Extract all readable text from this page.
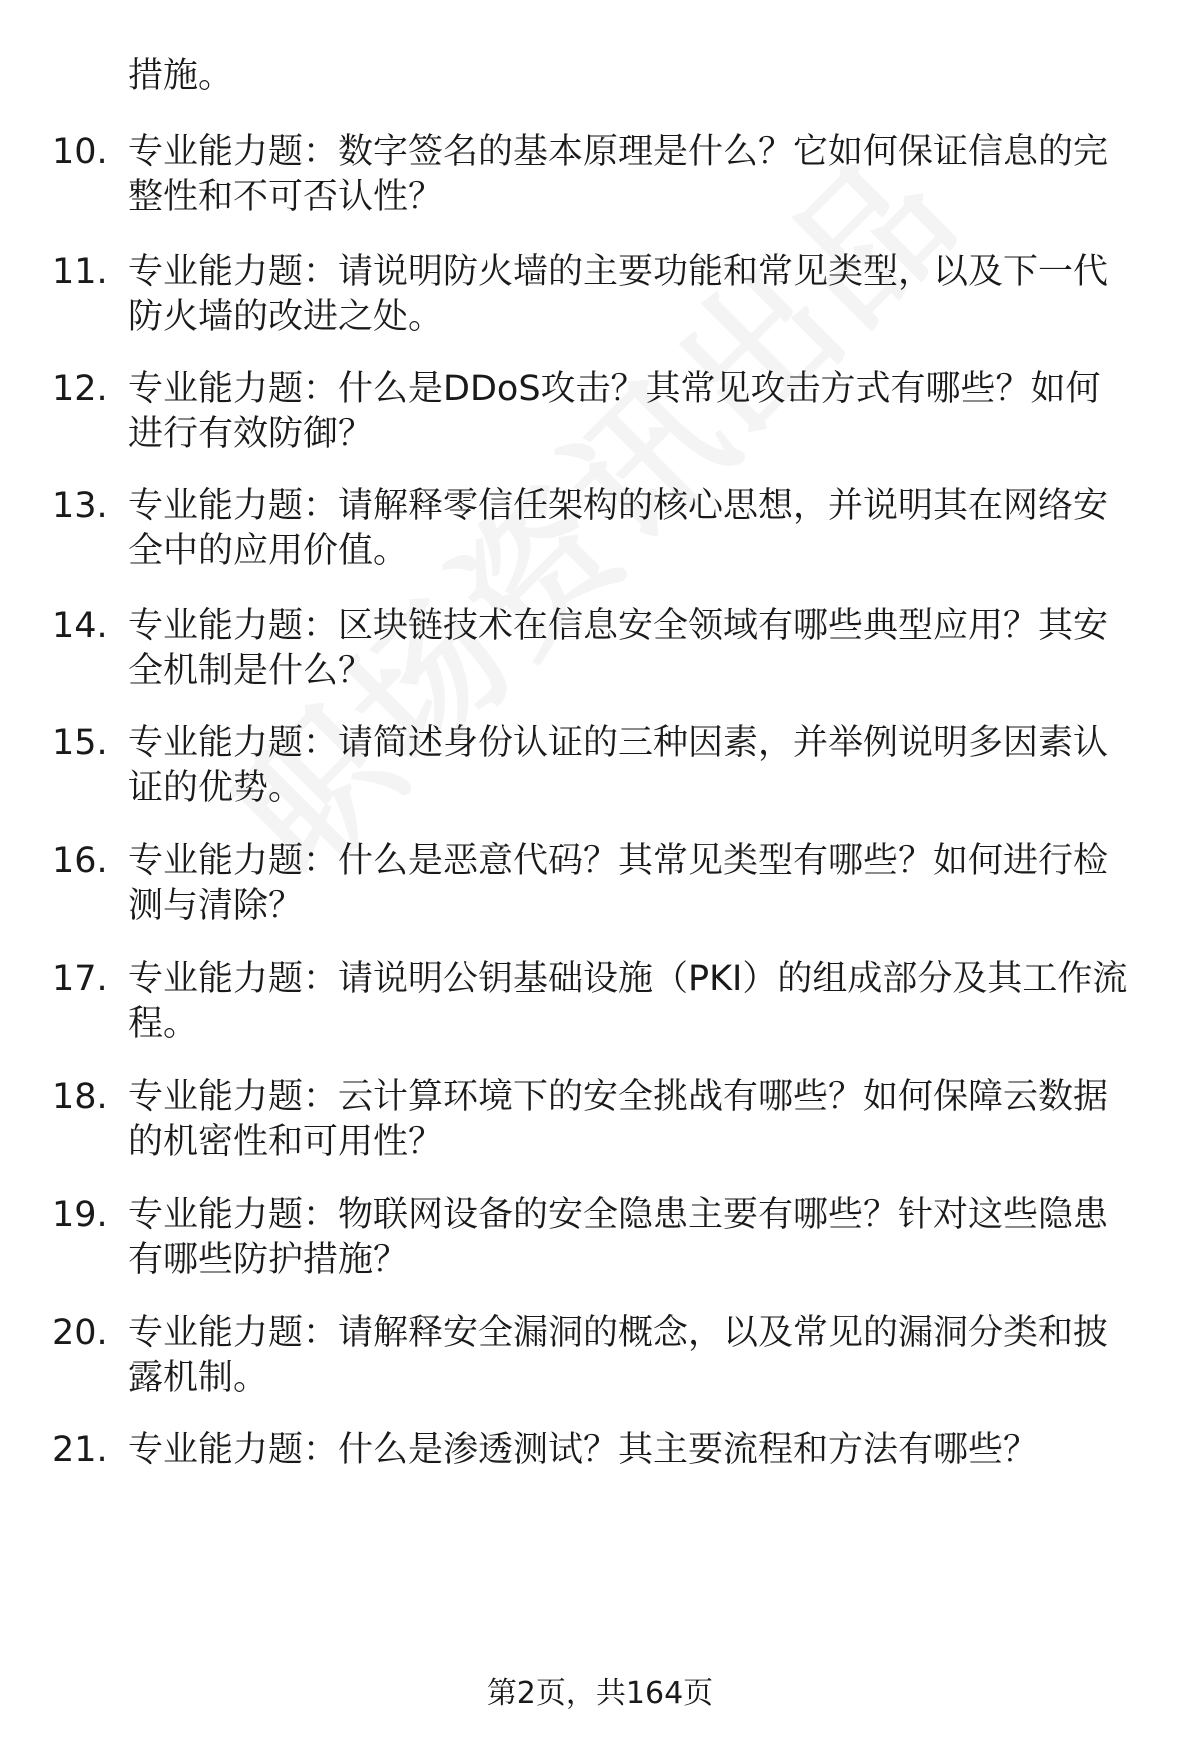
措施。
10. 专业能力题：数字签名的基本原理是什么？它如何保证信息的完
整性和不可否认性？
11. 专业能力题：请说明防火墙的主要功能和常见类型，以及下一代
防火墙的改进之处。
12. 专业能力题：什么是DDoS攻击？其常见攻击方式有哪些？如何
进行有效防御？
13. 专业能力题：请解释零信任架构的核心思想，并说明其在网络安
全中的应用价值。
14. 专业能力题：区块链技术在信息安全领域有哪些典型应用？其安
全机制是什么？
15. 专业能力题：请简述身份认证的三种因素，并举例说明多因素认
证的优势。
16. 专业能力题：什么是恶意代码？其常见类型有哪些？如何进行检
测与清除？
17. 专业能力题：请说明公钥基础设施（PKI）的组成部分及其工作流
程。
18. 专业能力题：云计算环境下的安全挑战有哪些？如何保障云数据
的机密性和可用性？
19. 专业能力题：物联网设备的安全隐患主要有哪些？针对这些隐患
有哪些防护措施？
20. 专业能力题：请解释安全漏洞的概念，以及常见的漏洞分类和披
露机制。
21. 专业能力题：什么是渗透测试？其主要流程和方法有哪些？
第2页，共164页
